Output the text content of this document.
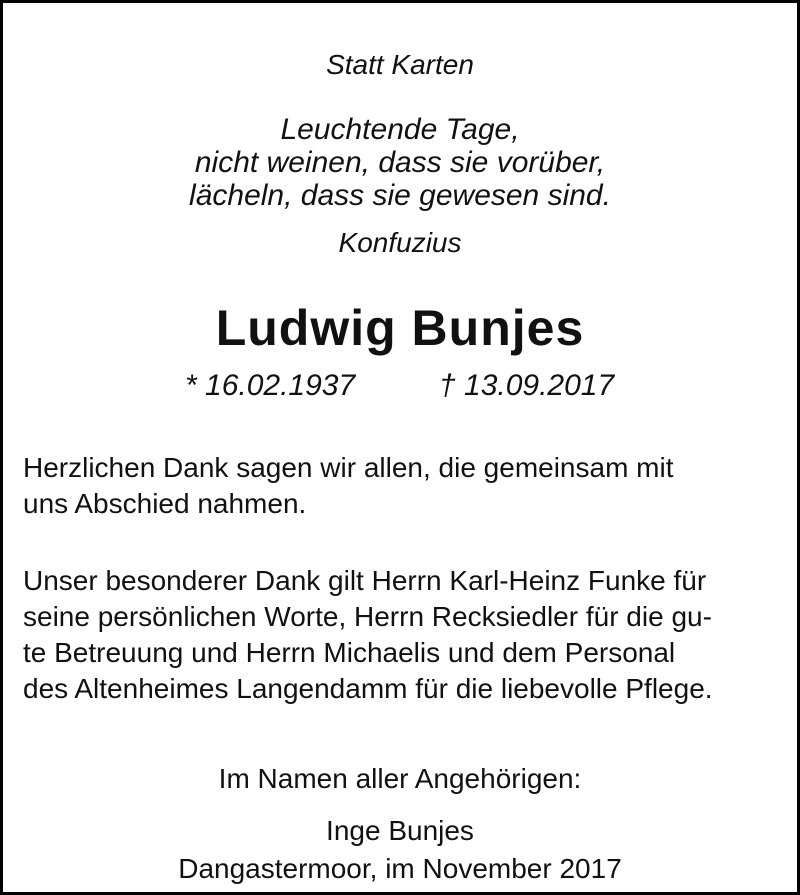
Statt Karten
Leuchtende Tage,
nicht weinen, dass sie vorüber,
lächeln, dass sie gewesen sind.
Konfuzius
Ludwig Bunjes
* 16.02.1937	† 13.09.2017
Herzlichen Dank sagen wir allen, die gemeinsam mit
uns Abschied nahmen.
Unser besonderer Dank gilt Herrn Karl-Heinz Funke für
seine persönlichen Worte, Herrn Recksiedler für die gu-
te Betreuung und Herrn Michaelis und dem Personal
des Altenheimes Langendamm für die liebevolle Pflege.
Im Namen aller Angehörigen:
Inge Bunjes
Dangastermoor, im November 2017
